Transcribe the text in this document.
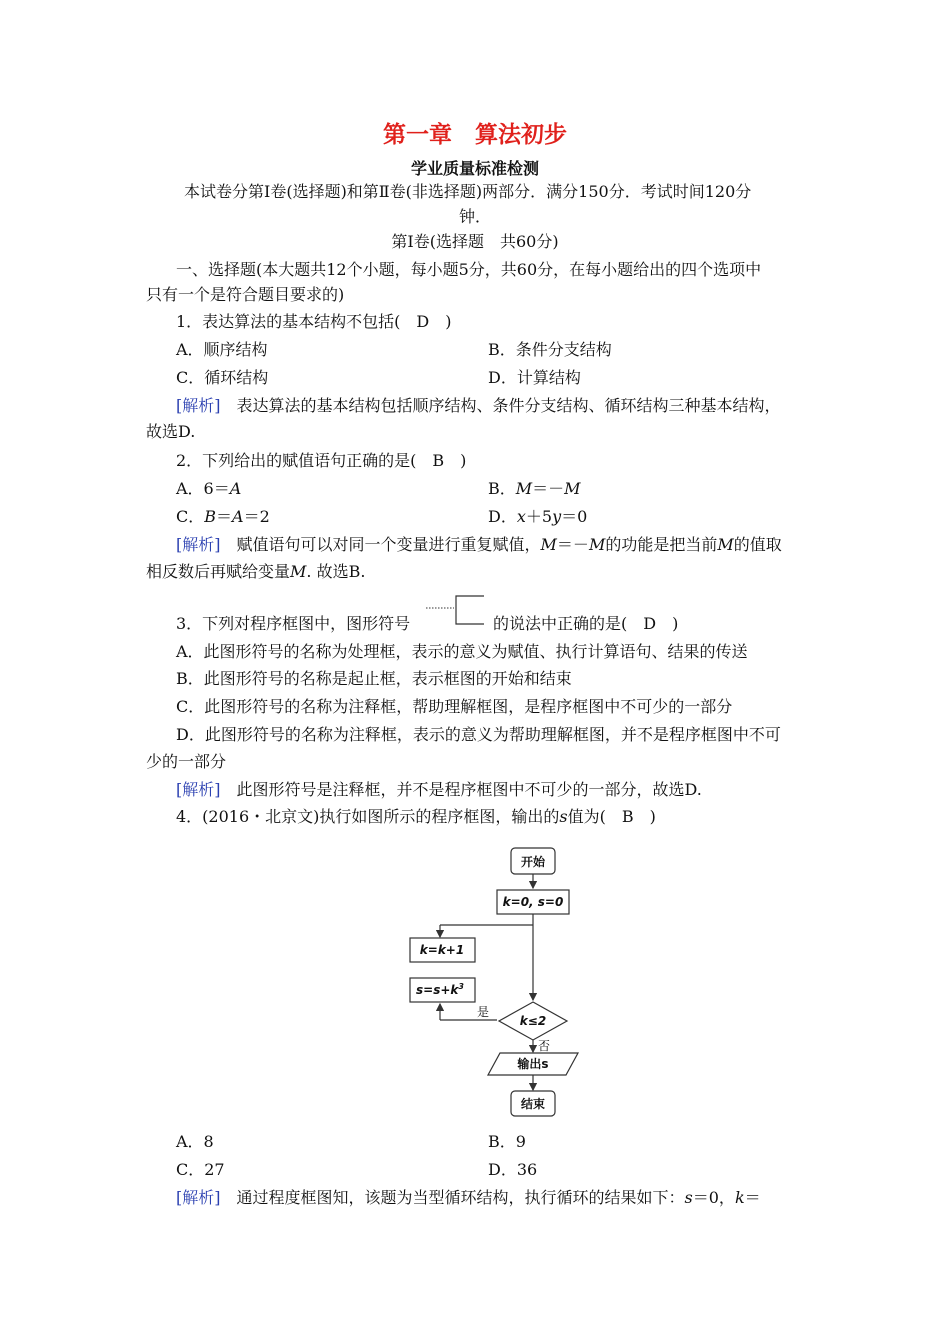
第一章　算法初步
学业质量标准检测
本试卷分第Ⅰ卷(选择题)和第Ⅱ卷(非选择题)两部分．满分150分．考试时间120分
钟．
第Ⅰ卷(选择题　共60分)
一、选择题(本大题共12个小题，每小题5分，共60分，在每小题给出的四个选项中
只有一个是符合题目要求的)
1．表达算法的基本结构不包括(　D　)
A．顺序结构	B．条件分支结构
C．循环结构	D．计算结构
[解析]　 表达算法的基本结构包括顺序结构、条件分支结构、循环结构三种基本结构，
故选D.
2．下列给出的赋值语句正确的是(　B　)
A．6＝A	B．M＝－M
C．B＝A＝2	D．x＋5y＝0
[解析]　 赋值语句可以对同一个变量进行重复赋值，M＝－M的功能是把当前M的值取
相反数后再赋给变量M. 故选B.
3．下列对程序框图中，图形符号	的说法中正确的是(　D　)
A．此图形符号的名称为处理框，表示的意义为赋值、执行计算语句、结果的传送
B．此图形符号的名称是起止框，表示框图的开始和结束
C．此图形符号的名称为注释框，帮助理解框图，是程序框图中不可少的一部分
D．此图形符号的名称为注释框，表示的意义为帮助理解框图，并不是程序框图中不可
少的一部分
[解析]　 此图形符号是注释框，并不是程序框图中不可少的一部分，故选D.
4．(2016・北京文)执行如图所示的程序框图，输出的s值为(　B　)
开始
k=0, s=0
k=k+1
$s=s+k^3$
k≤2
是
否
输出s
结束
A．8	B．9
C．27	D．36
[解析]　 通过程度框图知，该题为当型循环结构，执行循环的结果如下：s＝0，k＝
